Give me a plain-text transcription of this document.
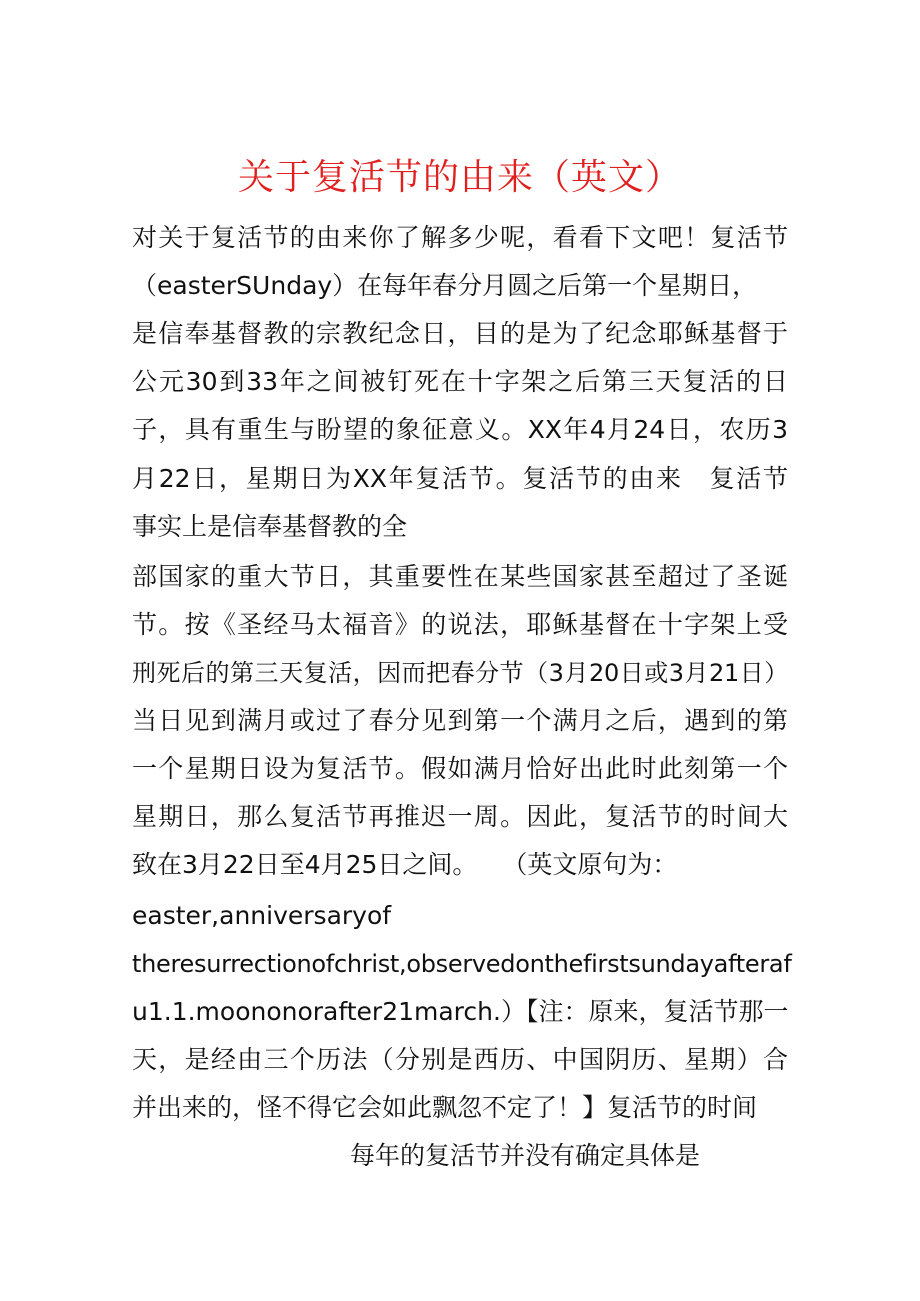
关于复活节的由来（英文）
对关于复活节的由来你了解多少呢，看看下文吧！复活节
（easterSUnday）在每年春分月圆之后第一个星期日，
是信奉基督教的宗教纪念日，目的是为了纪念耶稣基督于
公元30到33年之间被钉死在十字架之后第三天复活的日
子，具有重生与盼望的象征意义。XX年4月24日，农历3
月22日，星期日为XX年复活节。复活节的由来　复活节
事实上是信奉基督教的全
部国家的重大节日，其重要性在某些国家甚至超过了圣诞
节。按《圣经马太福音》的说法，耶稣基督在十字架上受
刑死后的第三天复活，因而把春分节（3月20日或3月21日）
当日见到满月或过了春分见到第一个满月之后，遇到的第
一个星期日设为复活节。假如满月恰好出此时此刻第一个
星期日，那么复活节再推迟一周。因此，复活节的时间大
致在3月22日至4月25日之间。　　（英文原句为：
easter,anniversaryof
theresurrectionofchrist,observedonthefirstsundayafteraf
u1.1.moononorafter21march.）【注：原来，复活节那一
天，是经由三个历法（分别是西历、中国阴历、星期）合
并出来的，怪不得它会如此飘忽不定了！】复活节的时间
每年的复活节并没有确定具体是
